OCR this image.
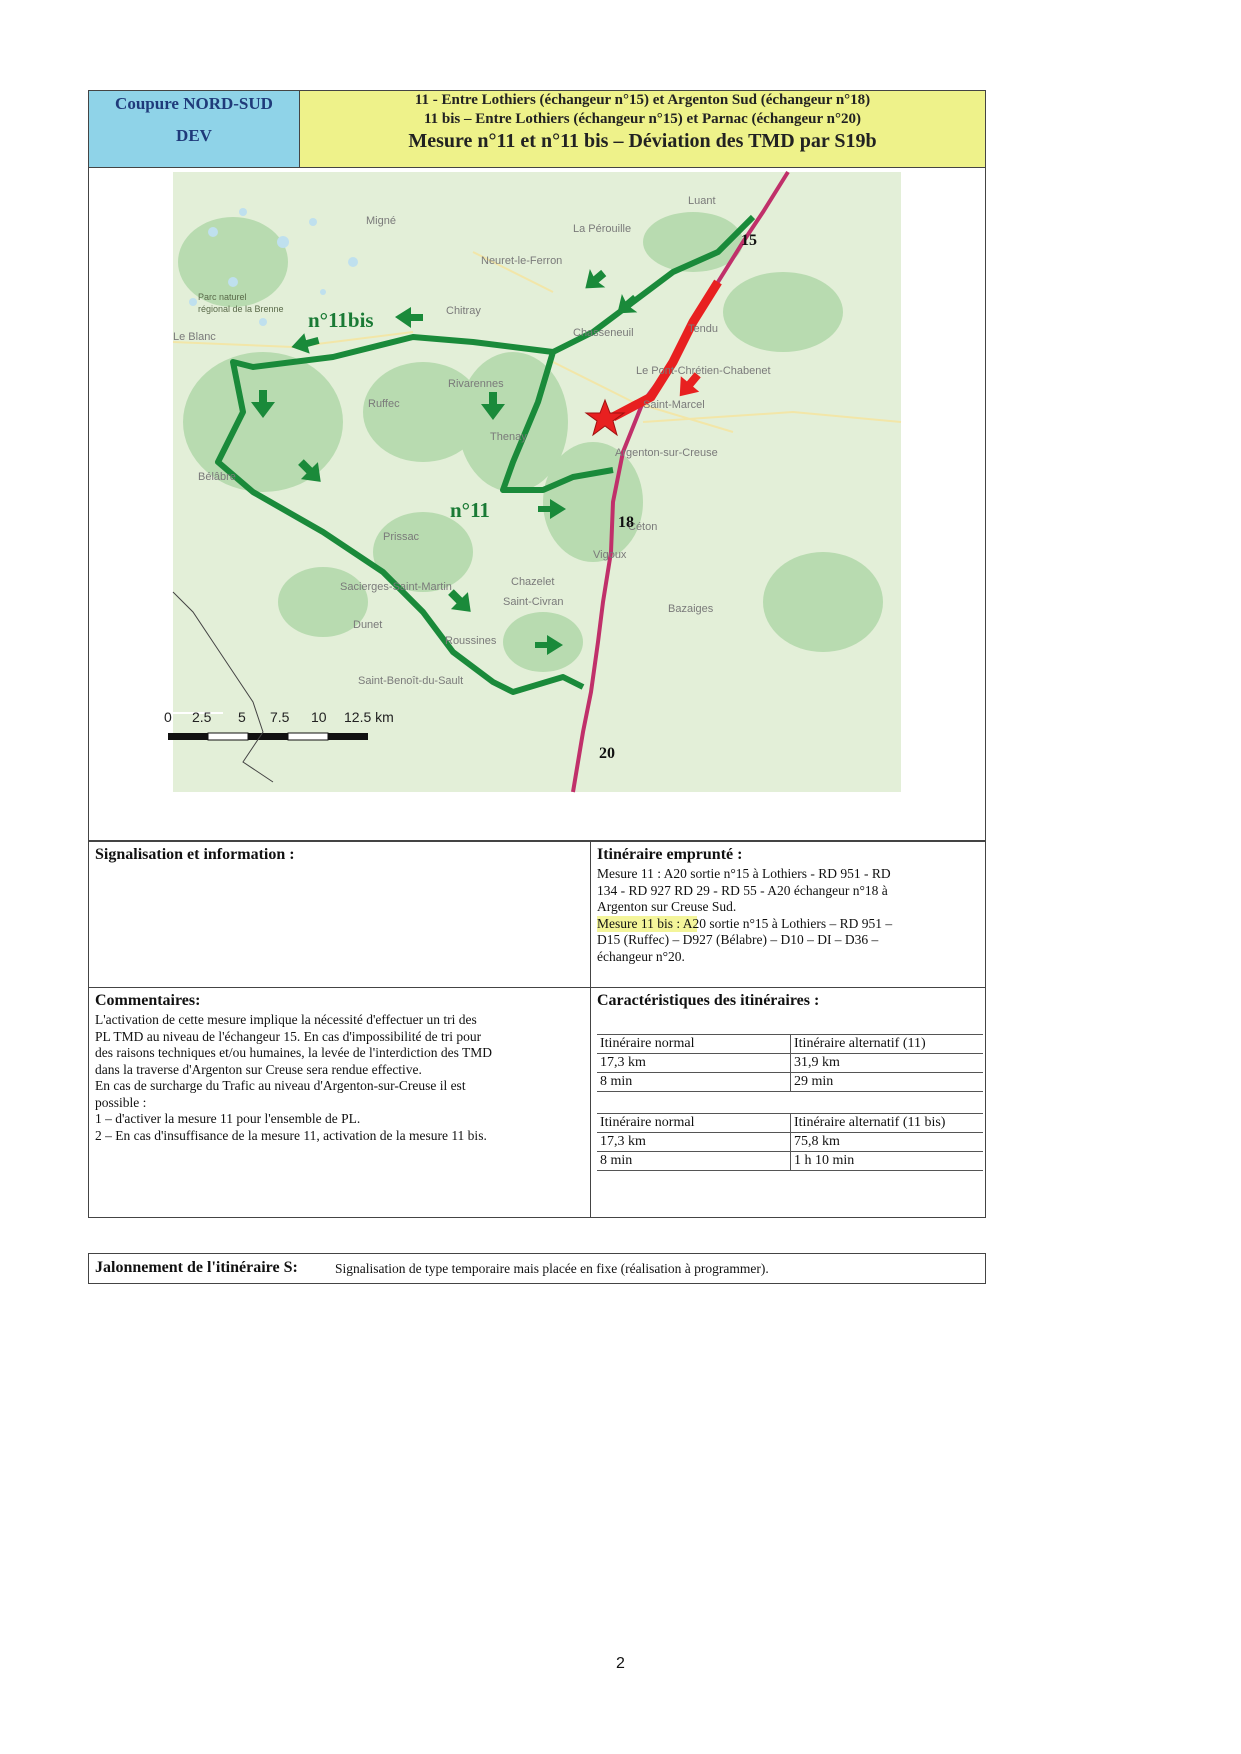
Coupure NORD-SUD
DEV
11 - Entre Lothiers (échangeur n°15) et Argenton Sud (échangeur n°18)
11 bis – Entre Lothiers (échangeur n°15) et Parnac (échangeur n°20)
Mesure n°11 et n°11 bis – Déviation des TMD par S19b
Luant
La Pérouille
Migné
Neuret-le-Ferron
Chitray
Parc naturel
régional de la Brenne
Le Blanc	Chasseneuil	Tendu
Le Pont-Chrétien-Chabenet
Rivarennes
Ruffec
Thenay
Saint-Marcel
Argenton-sur-Creuse
Bélâbre
Céton
Prissac
Vigoux
Chazelet
Saint-Civran
Sacierges-Saint-Martin
Dunet
Roussines
Bazaiges
Saint-Benoît-du-Sault
n°11bis
n°11
15
18
20
0 2.5 5 7.5 10 12.5 km
Signalisation et information :	Itinéraire emprunté :
Mesure 11 : A20 sortie n°15 à Lothiers - RD 951 - RD
134 - RD 927 RD 29 - RD 55 - A20 échangeur n°18 à
Argenton sur Creuse Sud.
Mesure 11 bis : A20 sortie n°15 à Lothiers – RD 951 –
D15 (Ruffec) – D927 (Bélabre) – D10 – DI – D36 –
échangeur n°20.
Commentaires:
L'activation de cette mesure implique la nécessité d'effectuer un tri des
PL TMD au niveau de l'échangeur 15. En cas d'impossibilité de tri pour
des raisons techniques et/ou humaines, la levée de l'interdiction des TMD
dans la traverse d'Argenton sur Creuse sera rendue effective.
En cas de surcharge du Trafic au niveau d'Argenton-sur-Creuse il est
possible :
1 – d'activer la mesure 11 pour l'ensemble de PL.
2 – En cas d'insuffisance de la mesure 11, activation de la mesure 11 bis.
Caractéristiques des itinéraires :
Itinéraire normal	Itinéraire alternatif (11)
17,3 km	31,9 km
8 min	29 min
Itinéraire normal	Itinéraire alternatif (11 bis)
17,3 km	75,8 km
8 min	1 h 10 min
Jalonnement de l'itinéraire S:	Signalisation de type temporaire mais placée en fixe (réalisation à programmer).
2
